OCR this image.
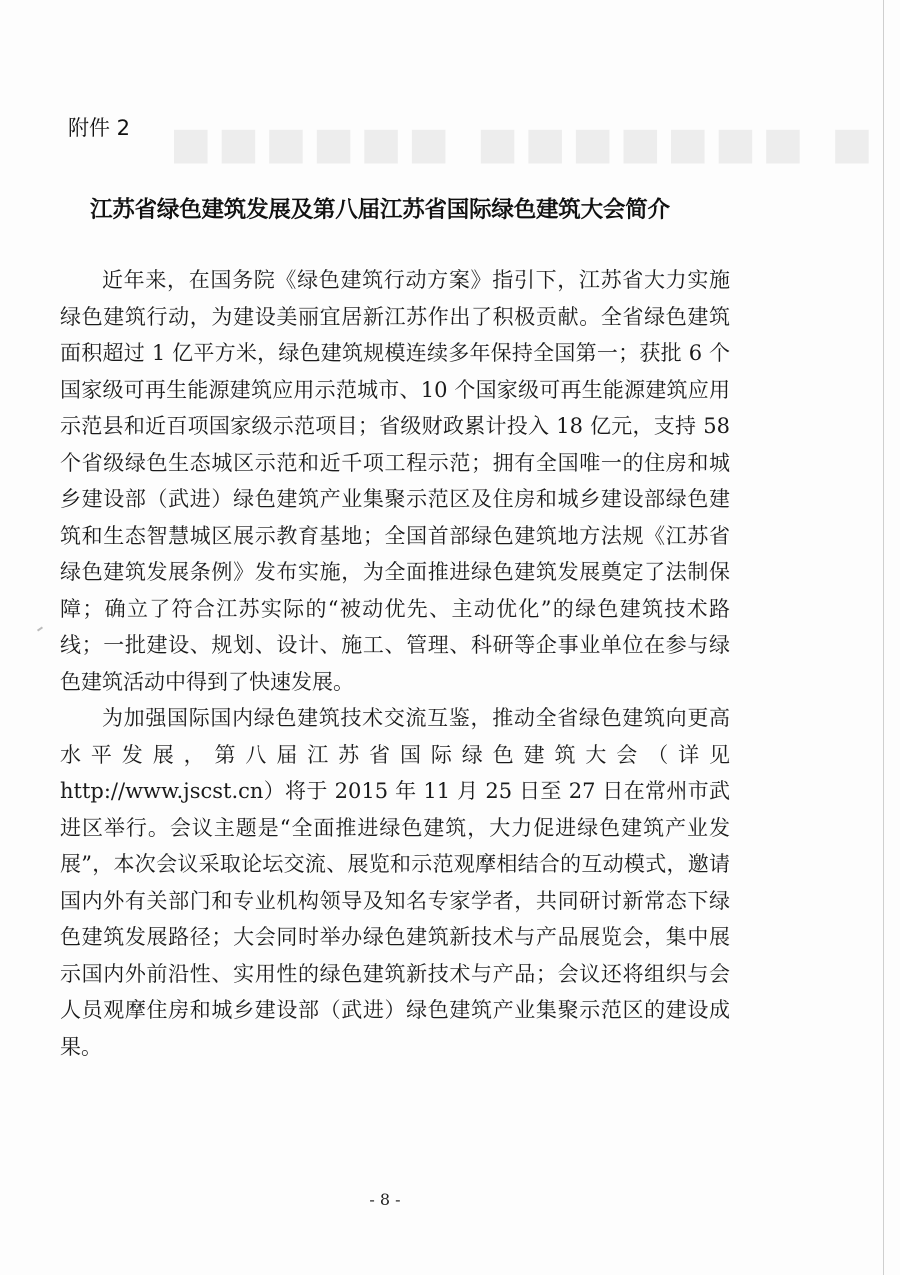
■■■■■■ ■■■■■■■ ■
附件 2
江苏省绿色建筑发展及第八届江苏省国际绿色建筑大会简介

近年来，在国务院《绿色建筑行动方案》指引下，江苏省大力实施绿色建筑行动，为建设美丽宜居新江苏作出了积极贡献。全省绿色建筑面积超过 1 亿平方米，绿色建筑规模连续多年保持全国第一；获批 6 个国家级可再生能源建筑应用示范城市、10 个国家级可再生能源建筑应用示范县和近百项国家级示范项目；省级财政累计投入 18 亿元，支持 58 个省级绿色生态城区示范和近千项工程示范；拥有全国唯一的住房和城乡建设部（武进）绿色建筑产业集聚示范区及住房和城乡建设部绿色建筑和生态智慧城区展示教育基地；全国首部绿色建筑地方法规《江苏省绿色建筑发展条例》发布实施，为全面推进绿色建筑发展奠定了法制保障；确立了符合江苏实际的“被动优先、主动优化”的绿色建筑技术路线；一批建设、规划、设计、施工、管理、科研等企事业单位在参与绿色建筑活动中得到了快速发展。

为加强国际国内绿色建筑技术交流互鉴，推动全省绿色建筑向更高水平发展，第八届江苏省国际绿色建筑大会（详见 http://www.jscst.cn）将于 2015 年 11 月 25 日至 27 日在常州市武进区举行。会议主题是“全面推进绿色建筑，大力促进绿色建筑产业发展”，本次会议采取论坛交流、展览和示范观摩相结合的互动模式，邀请国内外有关部门和专业机构领导及知名专家学者，共同研讨新常态下绿色建筑发展路径；大会同时举办绿色建筑新技术与产品展览会，集中展示国内外前沿性、实用性的绿色建筑新技术与产品；会议还将组织与会人员观摩住房和城乡建设部（武进）绿色建筑产业集聚示范区的建设成果。

- 8 -
